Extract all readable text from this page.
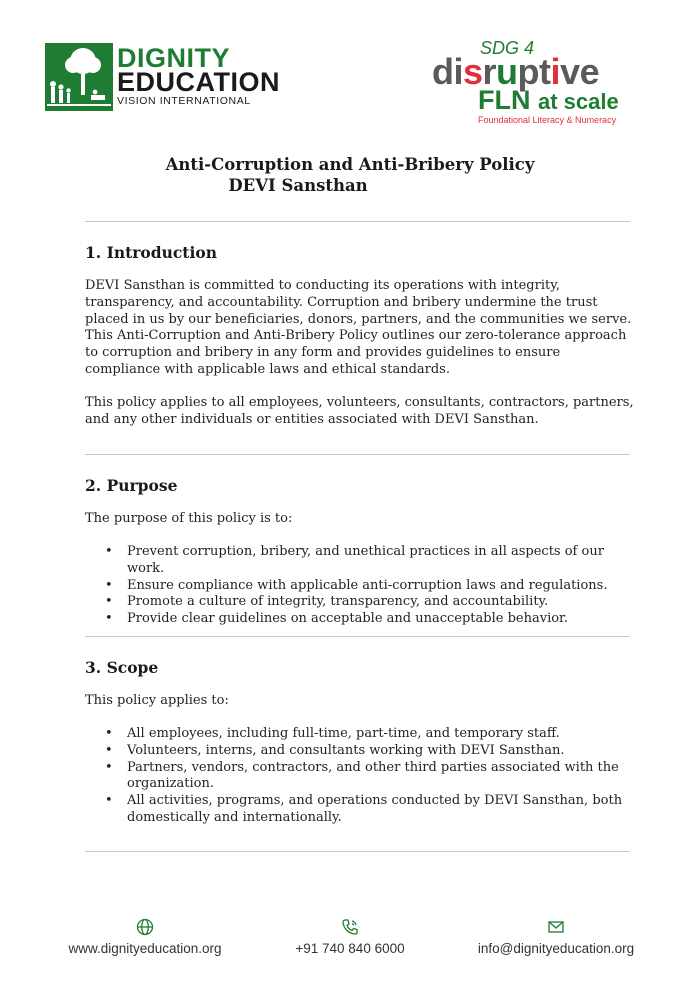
DIGNITY
EDUCATION
VISION INTERNATIONAL
SDG 4
disruptive
FLN at scale
Foundational Literacy & Numeracy
Anti-Corruption and Anti-Bribery Policy
DEVI Sansthan
1. Introduction
DEVI Sansthan is committed to conducting its operations with integrity, transparency, and accountability. Corruption and bribery undermine the trust placed in us by our beneficiaries, donors, partners, and the communities we serve. This Anti-Corruption and Anti-Bribery Policy outlines our zero-tolerance approach to corruption and bribery in any form and provides guidelines to ensure compliance with applicable laws and ethical standards.
This policy applies to all employees, volunteers, consultants, contractors, partners, and any other individuals or entities associated with DEVI Sansthan.
2. Purpose
The purpose of this policy is to:
• Prevent corruption, bribery, and unethical practices in all aspects of our work.
• Ensure compliance with applicable anti-corruption laws and regulations.
• Promote a culture of integrity, transparency, and accountability.
• Provide clear guidelines on acceptable and unacceptable behavior.
3. Scope
This policy applies to:
• All employees, including full-time, part-time, and temporary staff.
• Volunteers, interns, and consultants working with DEVI Sansthan.
• Partners, vendors, contractors, and other third parties associated with the organization.
• All activities, programs, and operations conducted by DEVI Sansthan, both domestically and internationally.
www.dignityeducation.org	+91 740 840 6000	info@dignityeducation.org
